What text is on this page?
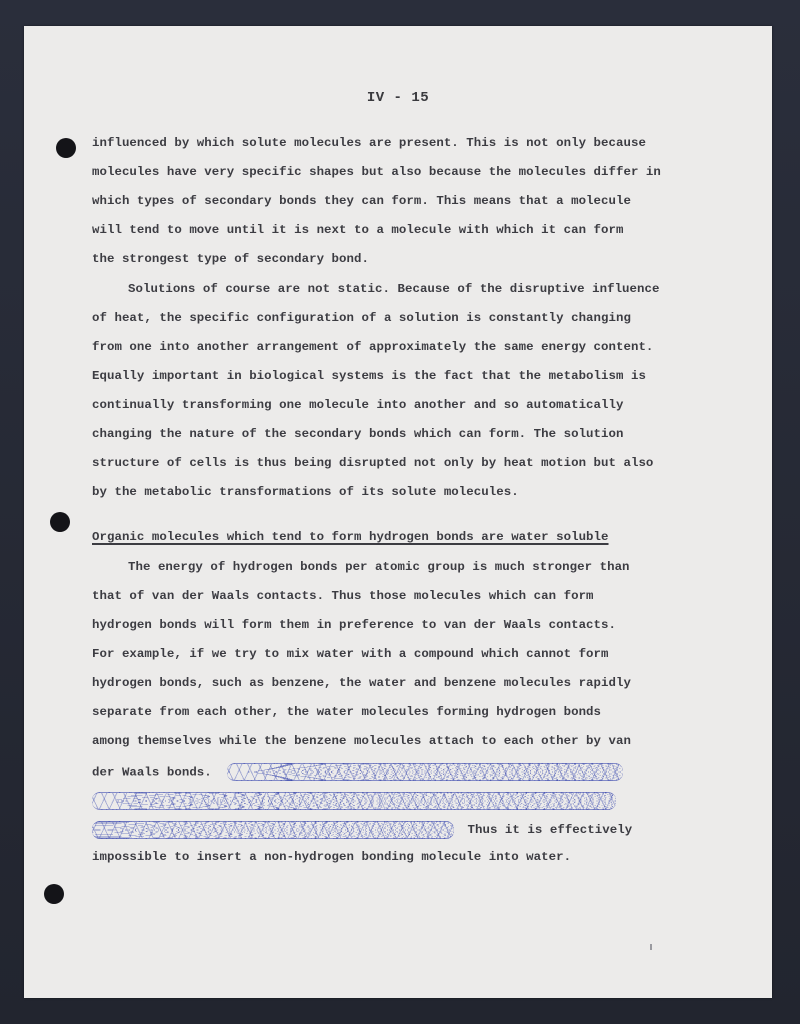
IV - 15
influenced by which solute molecules are present. This is not only because
molecules have very specific shapes but also because the molecules differ in
which types of secondary bonds they can form. This means that a molecule
will tend to move until it is next to a molecule with which it can form
the strongest type of secondary bond.
Solutions of course are not static. Because of the disruptive influence
of heat, the specific configuration of a solution is constantly changing
from one into another arrangement of approximately the same energy content.
Equally important in biological systems is the fact that the metabolism is
continually transforming one molecule into another and so automatically
changing the nature of the secondary bonds which can form. The solution
structure of cells is thus being disrupted not only by heat motion but also
by the metabolic transformations of its solute molecules.
Organic molecules which tend to form hydrogen bonds are water soluble
The energy of hydrogen bonds per atomic group is much stronger than
that of van der Waals contacts. Thus those molecules which can form
hydrogen bonds will form them in preference to van der Waals contacts.
For example, if we try to mix water with a compound which cannot form
hydrogen bonds, such as benzene, the water and benzene molecules rapidly
separate from each other, the water molecules forming hydrogen bonds
among themselves while the benzene molecules attach to each other by van
der Waals bonds.
Thus it is effectively
impossible to insert a non-hydrogen bonding molecule into water.
